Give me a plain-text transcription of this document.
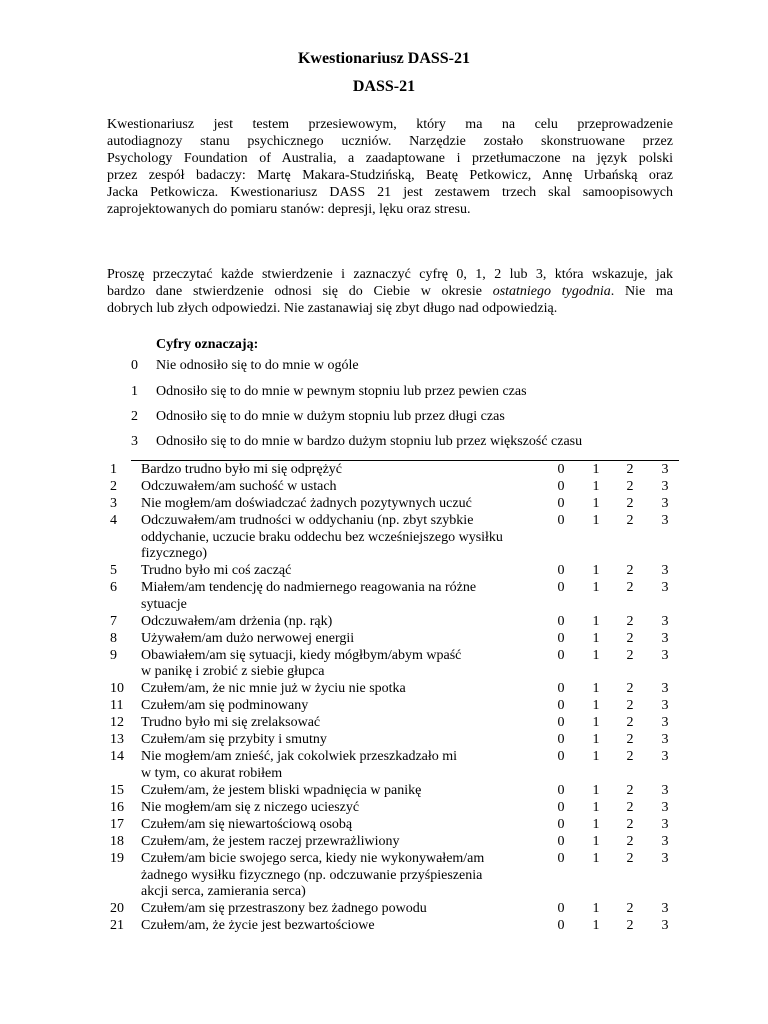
Kwestionariusz DASS-21
DASS-21
Kwestionariusz jest testem przesiewowym, który ma na celu przeprowadzenie
autodiagnozy stanu psychicznego uczniów. Narzędzie zostało skonstruowane przez
Psychology Foundation of Australia, a zaadaptowane i przetłumaczone na język polski
przez zespół badaczy: Martę Makara-Studzińską, Beatę Petkowicz, Annę Urbańską oraz
Jacka Petkowicza. Kwestionariusz DASS 21 jest zestawem trzech skal samoopisowych
zaprojektowanych do pomiaru stanów: depresji, lęku oraz stresu.
Proszę przeczytać każde stwierdzenie i zaznaczyć cyfrę 0, 1, 2 lub 3, która wskazuje, jak
bardzo dane stwierdzenie odnosi się do Ciebie w okresie ostatniego tygodnia. Nie ma
dobrych lub złych odpowiedzi. Nie zastanawiaj się zbyt długo nad odpowiedzią.
Cyfry oznaczają:
0 Nie odnosiło się to do mnie w ogóle
1 Odnosiło się to do mnie w pewnym stopniu lub przez pewien czas
2 Odnosiło się to do mnie w dużym stopniu lub przez długi czas
3 Odnosiło się to do mnie w bardzo dużym stopniu lub przez większość czasu
1	Bardzo trudno było mi się odprężyć	0 1 2 3
2	Odczuwałem/am suchość w ustach	0 1 2 3
3	Nie mogłem/am doświadczać żadnych pozytywnych uczuć	0 1 2 3
4	Odczuwałem/am trudności w oddychaniu (np. zbyt szybkie
oddychanie, uczucie braku oddechu bez wcześniejszego wysiłku
fizycznego)
0 1 2 3
5	Trudno było mi coś zacząć	0 1 2 3
6	Miałem/am tendencję do nadmiernego reagowania na różne
sytuacje
0 1 2 3
7	Odczuwałem/am drżenia (np. rąk)	0 1 2 3
8	Używałem/am dużo nerwowej energii	0 1 2 3
9	Obawiałem/am się sytuacji, kiedy mógłbym/abym wpaść
w panikę i zrobić z siebie głupca
0 1 2 3
10	Czułem/am, że nic mnie już w życiu nie spotka	0 1 2 3
11	Czułem/am się podminowany	0 1 2 3
12	Trudno było mi się zrelaksować	0 1 2 3
13	Czułem/am się przybity i smutny	0 1 2 3
14	Nie mogłem/am znieść, jak cokolwiek przeszkadzało mi
w tym, co akurat robiłem
0 1 2 3
15	Czułem/am, że jestem bliski wpadnięcia w panikę	0 1 2 3
16	Nie mogłem/am się z niczego ucieszyć	0 1 2 3
17	Czułem/am się niewartościową osobą	0 1 2 3
18	Czułem/am, że jestem raczej przewrażliwiony	0 1 2 3
19	Czułem/am bicie swojego serca, kiedy nie wykonywałem/am
żadnego wysiłku fizycznego (np. odczuwanie przyśpieszenia
akcji serca, zamierania serca)
0 1 2 3
20	Czułem/am się przestraszony bez żadnego powodu	0 1 2 3
21	Czułem/am, że życie jest bezwartościowe	0 1 2 3
